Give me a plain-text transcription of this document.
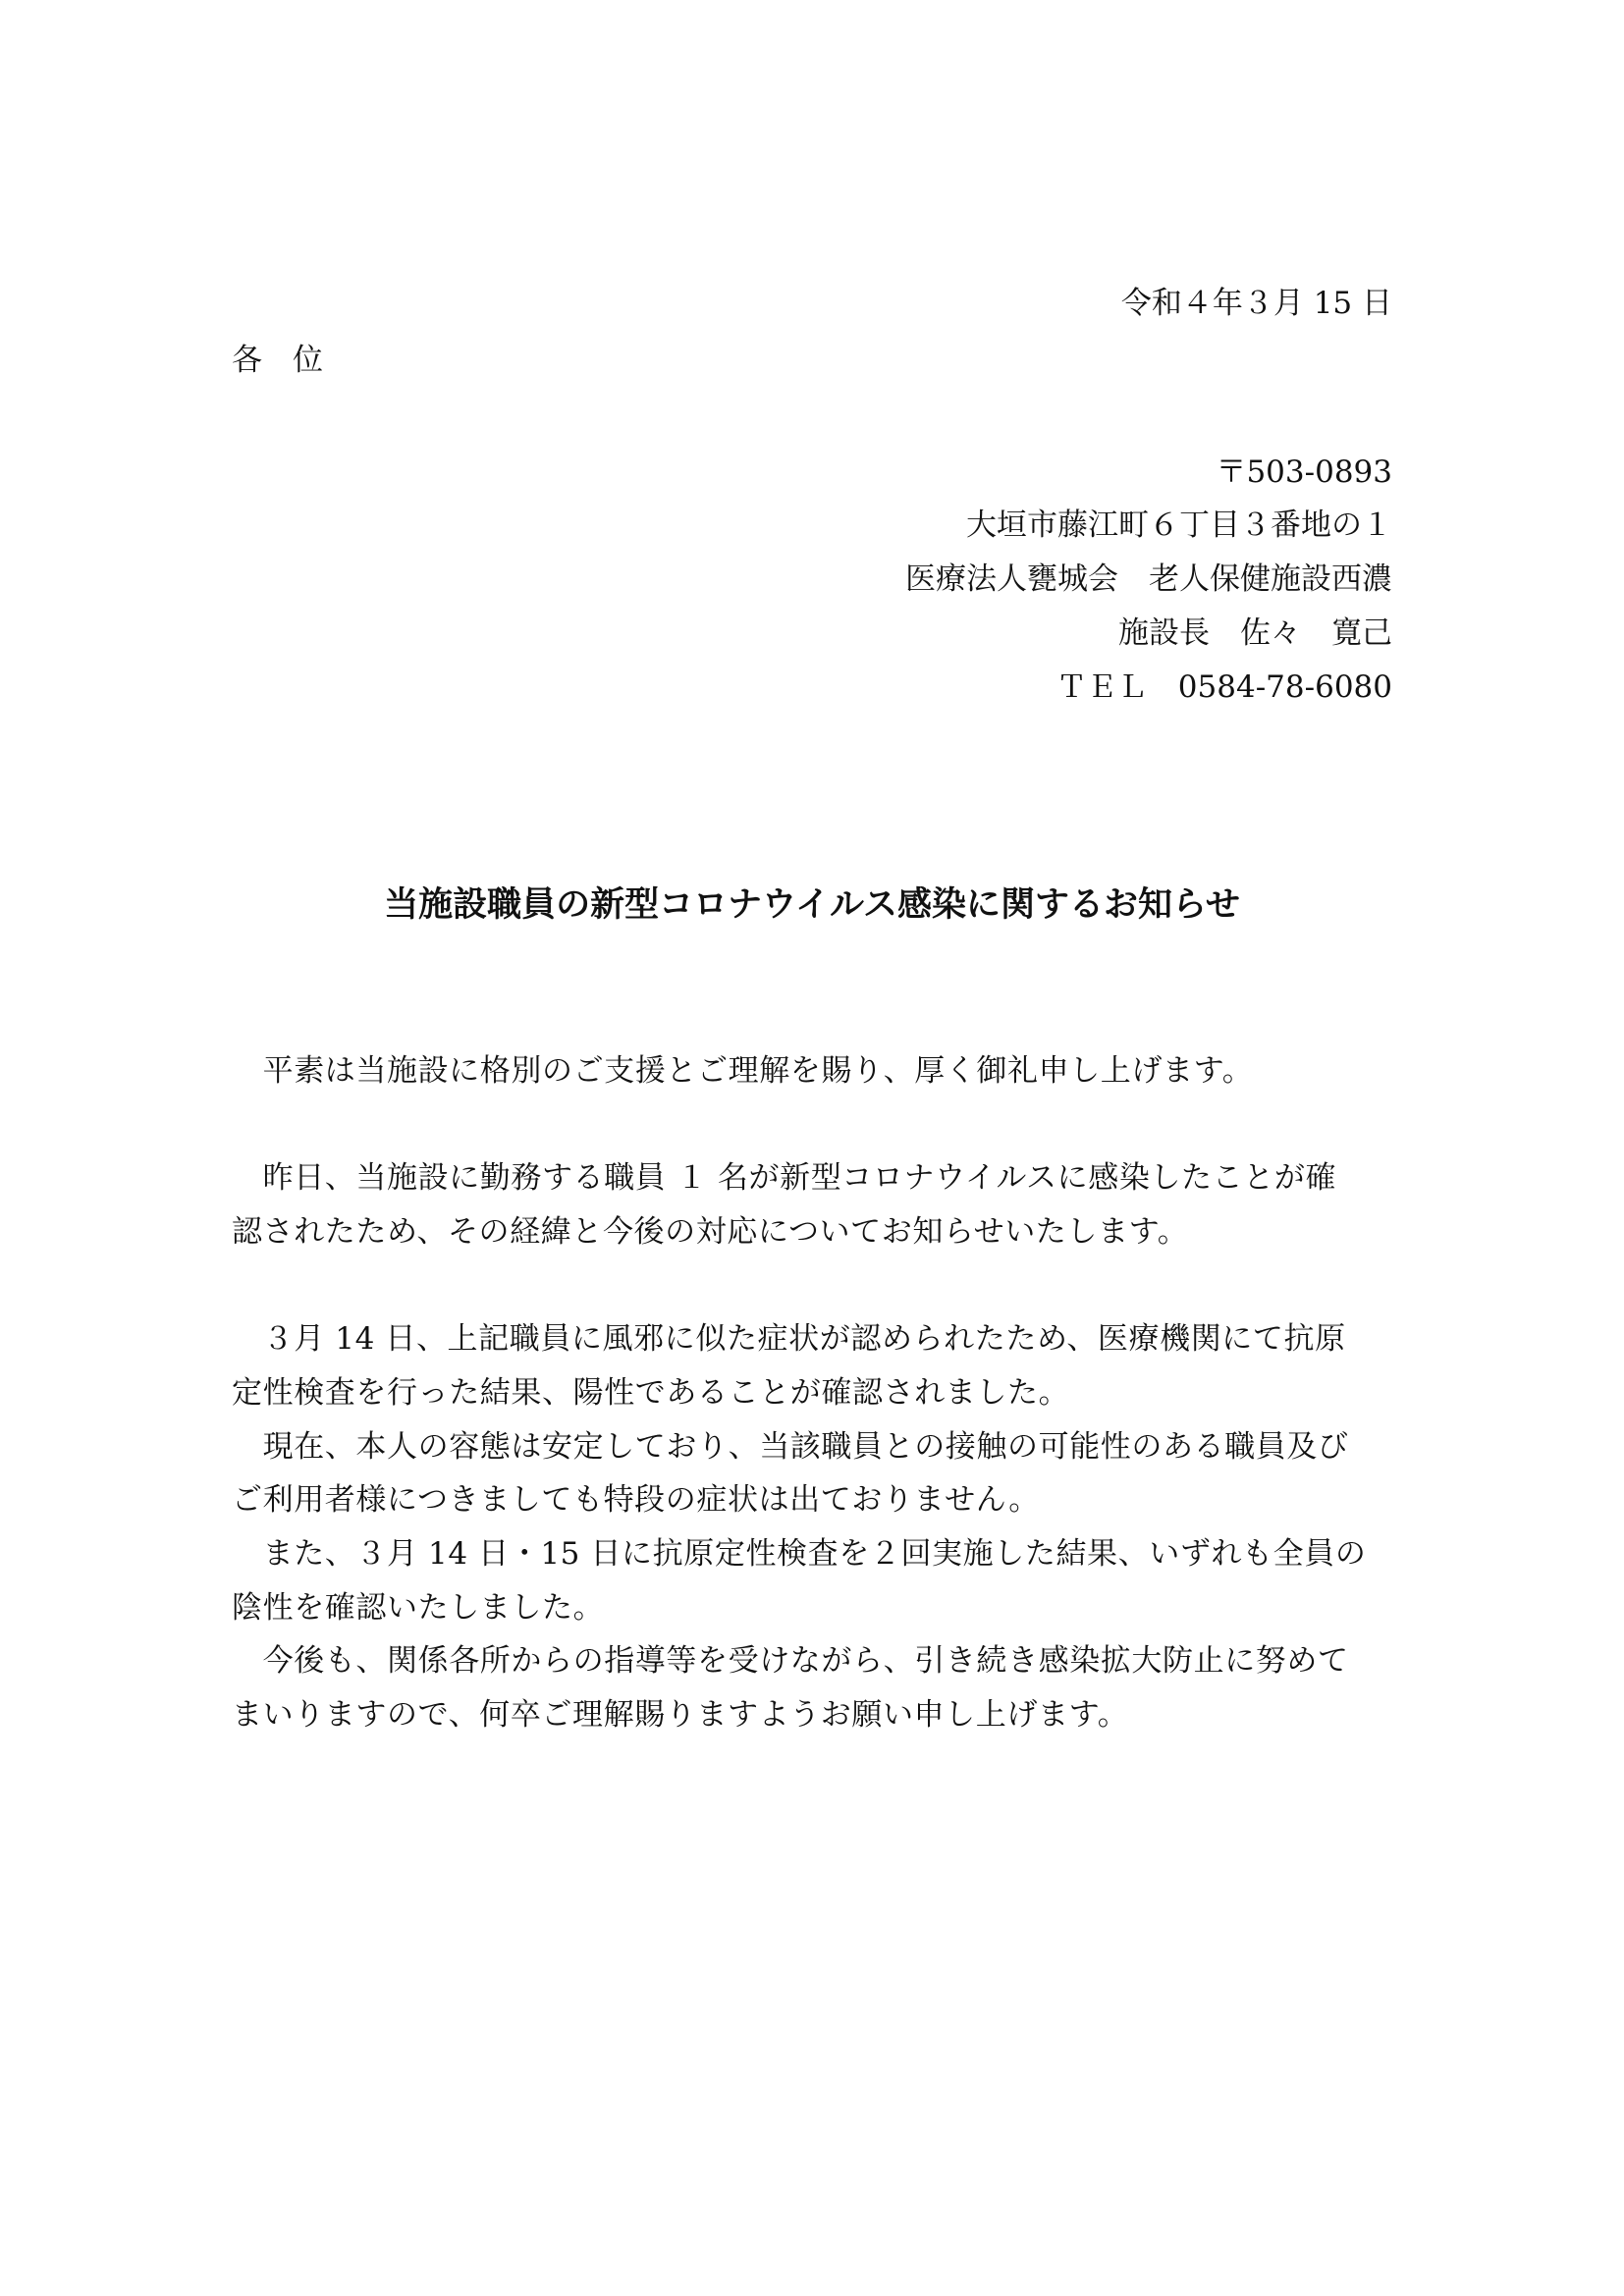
令和４年３月 15 日
各　位
〒503-0893
大垣市藤江町６丁目３番地の１
医療法人甕城会　老人保健施設西濃
施設長　佐々　寛己
ＴＥＬ　0584-78-6080
当施設職員の新型コロナウイルス感染に関するお知らせ
　平素は当施設に格別のご支援とご理解を賜り、厚く御礼申し上げます。
　昨日、当施設に勤務する職員 １ 名が新型コロナウイルスに感染したことが確
認されたため、その経緯と今後の対応についてお知らせいたします。
　３月 14 日、上記職員に風邪に似た症状が認められたため、医療機関にて抗原
定性検査を行った結果、陽性であることが確認されました。
　現在、本人の容態は安定しており、当該職員との接触の可能性のある職員及び
ご利用者様につきましても特段の症状は出ておりません。
　また、３月 14 日・15 日に抗原定性検査を２回実施した結果、いずれも全員の
陰性を確認いたしました。
　今後も、関係各所からの指導等を受けながら、引き続き感染拡大防止に努めて
まいりますので、何卒ご理解賜りますようお願い申し上げます。
